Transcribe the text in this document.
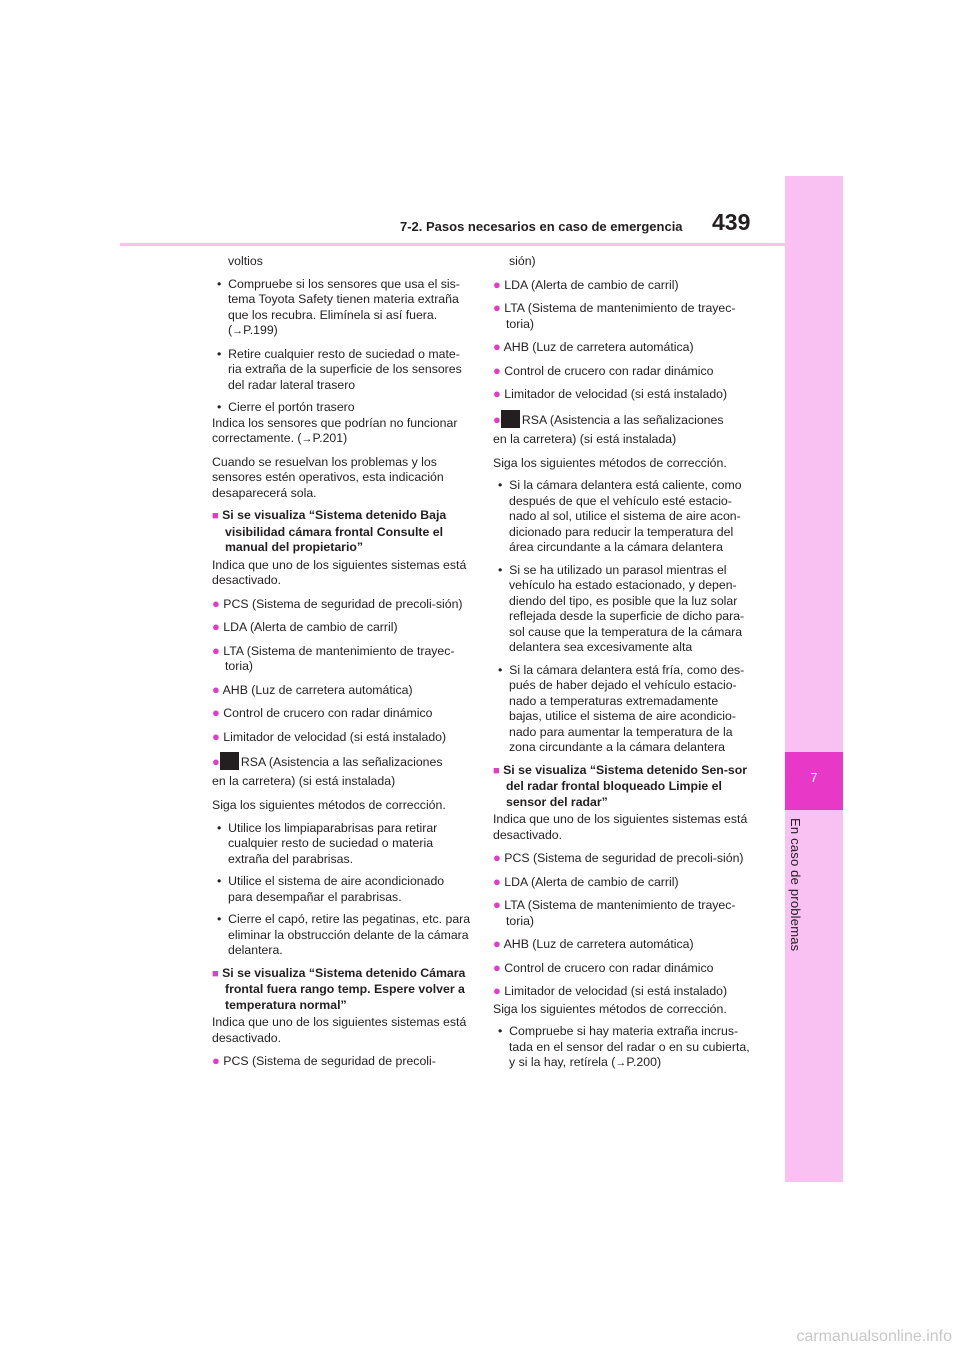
7
En caso de problemas
7-2. Pasos necesarios en caso de emergencia 439

voltios

• Compruebe si los sensores que usa el sis-tema Toyota Safety tienen materia extraña que los recubra. Elimínela si así fuera. (→P.199)

• Retire cualquier resto de suciedad o mate-ria extraña de la superficie de los sensores del radar lateral trasero

• Cierre el portón trasero

Indica los sensores que podrían no funcionar correctamente. (→P.201)

Cuando se resuelvan los problemas y los sensores estén operativos, esta indicación desaparecerá sola.

■ Si se visualiza “Sistema detenido Baja visibilidad cámara frontal Consulte el manual del propietario”

Indica que uno de los siguientes sistemas está desactivado.

● PCS (Sistema de seguridad de precoli-sión)

● LDA (Alerta de cambio de carril)

● LTA (Sistema de mantenimiento de trayec-toria)

● AHB (Luz de carretera automática)

● Control de crucero con radar dinámico

● Limitador de velocidad (si está instalado)

● RSA (Asistencia a las señalizaciones
en la carretera) (si está instalada)

Siga los siguientes métodos de corrección.

• Utilice los limpiaparabrisas para retirar cualquier resto de suciedad o materia extraña del parabrisas.

• Utilice el sistema de aire acondicionado para desempañar el parabrisas.

• Cierre el capó, retire las pegatinas, etc. para eliminar la obstrucción delante de la cámara delantera.

■ Si se visualiza “Sistema detenido Cámara frontal fuera rango temp. Espere volver a temperatura normal”

Indica que uno de los siguientes sistemas está desactivado.

● PCS (Sistema de seguridad de precoli-

sión)

● LDA (Alerta de cambio de carril)

● LTA (Sistema de mantenimiento de trayec-toria)

● AHB (Luz de carretera automática)

● Control de crucero con radar dinámico

● Limitador de velocidad (si está instalado)

● RSA (Asistencia a las señalizaciones
en la carretera) (si está instalada)

Siga los siguientes métodos de corrección.

• Si la cámara delantera está caliente, como después de que el vehículo esté estacio-nado al sol, utilice el sistema de aire acon-dicionado para reducir la temperatura del área circundante a la cámara delantera

• Si se ha utilizado un parasol mientras el vehículo ha estado estacionado, y depen-diendo del tipo, es posible que la luz solar reflejada desde la superficie de dicho para-sol cause que la temperatura de la cámara delantera sea excesivamente alta

• Si la cámara delantera está fría, como des-pués de haber dejado el vehículo estacio-nado a temperaturas extremadamente bajas, utilice el sistema de aire acondicio-nado para aumentar la temperatura de la zona circundante a la cámara delantera

■ Si se visualiza “Sistema detenido Sen-sor del radar frontal bloqueado Limpie el sensor del radar”

Indica que uno de los siguientes sistemas está desactivado.

● PCS (Sistema de seguridad de precoli-sión)

● LDA (Alerta de cambio de carril)

● LTA (Sistema de mantenimiento de trayec-toria)

● AHB (Luz de carretera automática)

● Control de crucero con radar dinámico

● Limitador de velocidad (si está instalado)

Siga los siguientes métodos de corrección.

• Compruebe si hay materia extraña incrus-tada en el sensor del radar o en su cubierta, y si la hay, retírela (→P.200)

carmanualsonline.info
